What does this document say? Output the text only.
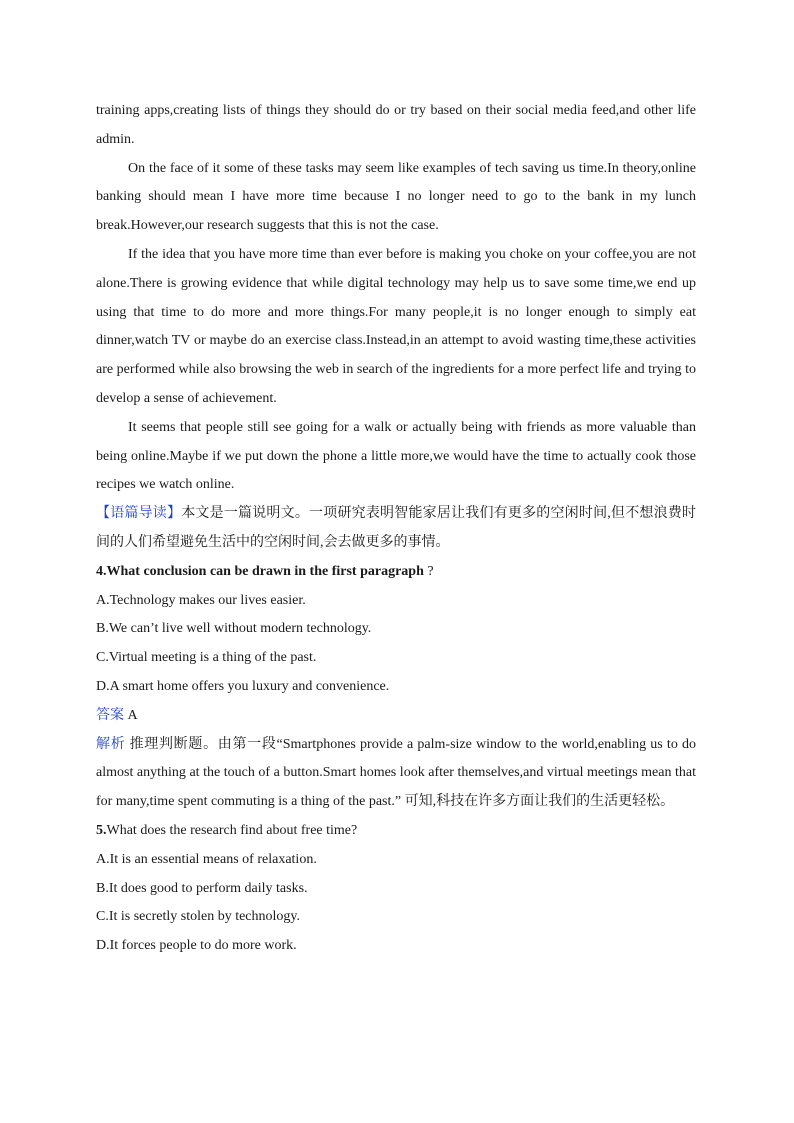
training apps,creating lists of things they should do or try based on their social media feed,and other life admin.

On the face of it some of these tasks may seem like examples of tech saving us time.In theory,online banking should mean I have more time because I no longer need to go to the bank in my lunch break.However,our research suggests that this is not the case.

If the idea that you have more time than ever before is making you choke on your coffee,you are not alone.There is growing evidence that while digital technology may help us to save some time,we end up using that time to do more and more things.For many people,it is no longer enough to simply eat dinner,watch TV or maybe do an exercise class.Instead,in an attempt to avoid wasting time,these activities are performed while also browsing the web in search of the ingredients for a more perfect life and trying to develop a sense of achievement.

It seems that people still see going for a walk or actually being with friends as more valuable than being online.Maybe if we put down the phone a little more,we would have the time to actually cook those recipes we watch online.

【语篇导读】本文是一篇说明文。一项研究表明智能家居让我们有更多的空闲时间,但不想浪费时间的人们希望避免生活中的空闲时间,会去做更多的事情。

4.What conclusion can be drawn in the first paragraph ?

A.Technology makes our lives easier.

B.We can’t live well without modern technology.

C.Virtual meeting is a thing of the past.

D.A smart home offers you luxury and convenience.

答案 A

解析 推理判断题。由第一段“Smartphones provide a palm-size window to the world,enabling us to do almost anything at the touch of a button.Smart homes look after themselves,and virtual meetings mean that for many,time spent commuting is a thing of the past.” 可知,科技在许多方面让我们的生活更轻松。

5.What does the research find about free time?

A.It is an essential means of relaxation.

B.It does good to perform daily tasks.

C.It is secretly stolen by technology.

D.It forces people to do more work.
